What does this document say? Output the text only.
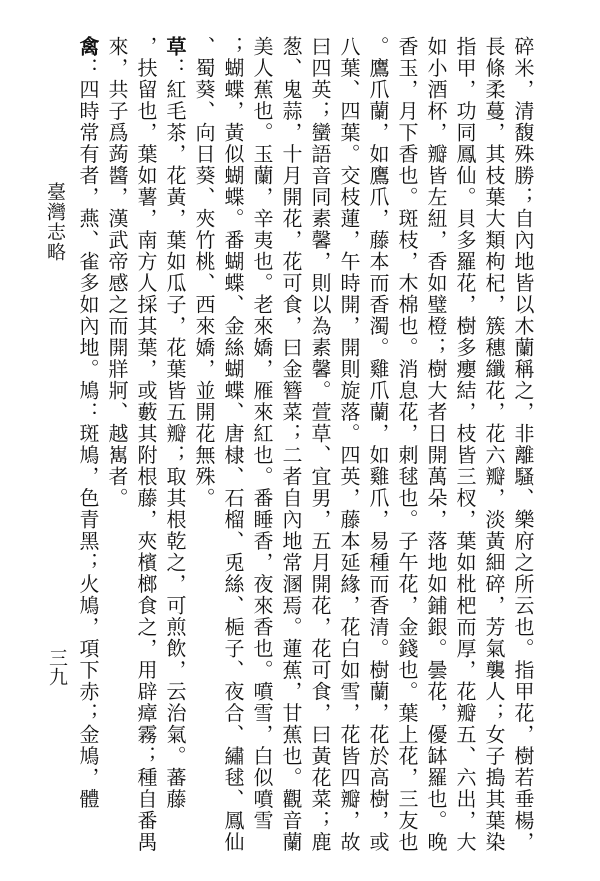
碎米，清馥殊勝；自內地皆以木蘭稱之，非離騷、樂府之所云也。指甲花，樹若垂楊，
長條柔蔓，其枝葉大類枸杞，簇穗纖花，花六瓣，淡黃細碎，芳氣襲人；女子搗其葉染
指甲，功同鳳仙。貝多羅花，樹多癭結，枝皆三杈，葉如枇杷而厚，花瓣五、六出，大
如小酒杯，瓣皆左紐，香如璧橙；樹大者日開萬朵，落地如鋪銀。曇花，優缽羅也。晚
香玉，月下香也。斑枝，木棉也。消息花，刺毬也。子午花，金錢也。葉上花，三友也
。鷹爪蘭，如鷹爪，藤本而香濁。雞爪蘭，如雞爪，易種而香清。樹蘭，花於高樹，或
八葉、四葉。交枝蓮，午時開，開則旋落。四英，藤本延緣，花白如雪，花皆四瓣，故
曰四英；蠻語音同素馨，則以為素馨。萱草、宜男，五月開花，花可食，曰黃花菜；鹿
葱、鬼蒜，十月開花，花可食，曰金簪菜；二者自內地常溷焉。蓮蕉，甘蕉也。觀音蘭
美人蕉也。玉蘭，辛夷也。老來嬌，雁來紅也。番睡香，夜來香也。噴雪，白似噴雪
；蝴蝶，黃似蝴蝶。番蝴蝶、金絲蝴蝶、唐棣、石榴、兎絲、梔子、夜合、繡毬、鳳仙
、蜀葵、向日葵、夾竹桃、西來嬌，並開花無殊。
草：紅毛茶，花黃，葉如瓜子，花葉皆五瓣；取其根乾之，可煎飲，云治氣。蕃藤
，扶留也，葉如薯，南方人採其葉，或藪其附根藤，夾檳榔食之，用辟瘴霧；種自番禺
來，共子爲蒟醬，漢武帝感之而開牂牁、越嶲者。
禽：四時常有者，燕、雀多如內地。鳩：斑鳩，色青黑；火鳩，項下赤；金鳩，體
臺灣志略
三九
